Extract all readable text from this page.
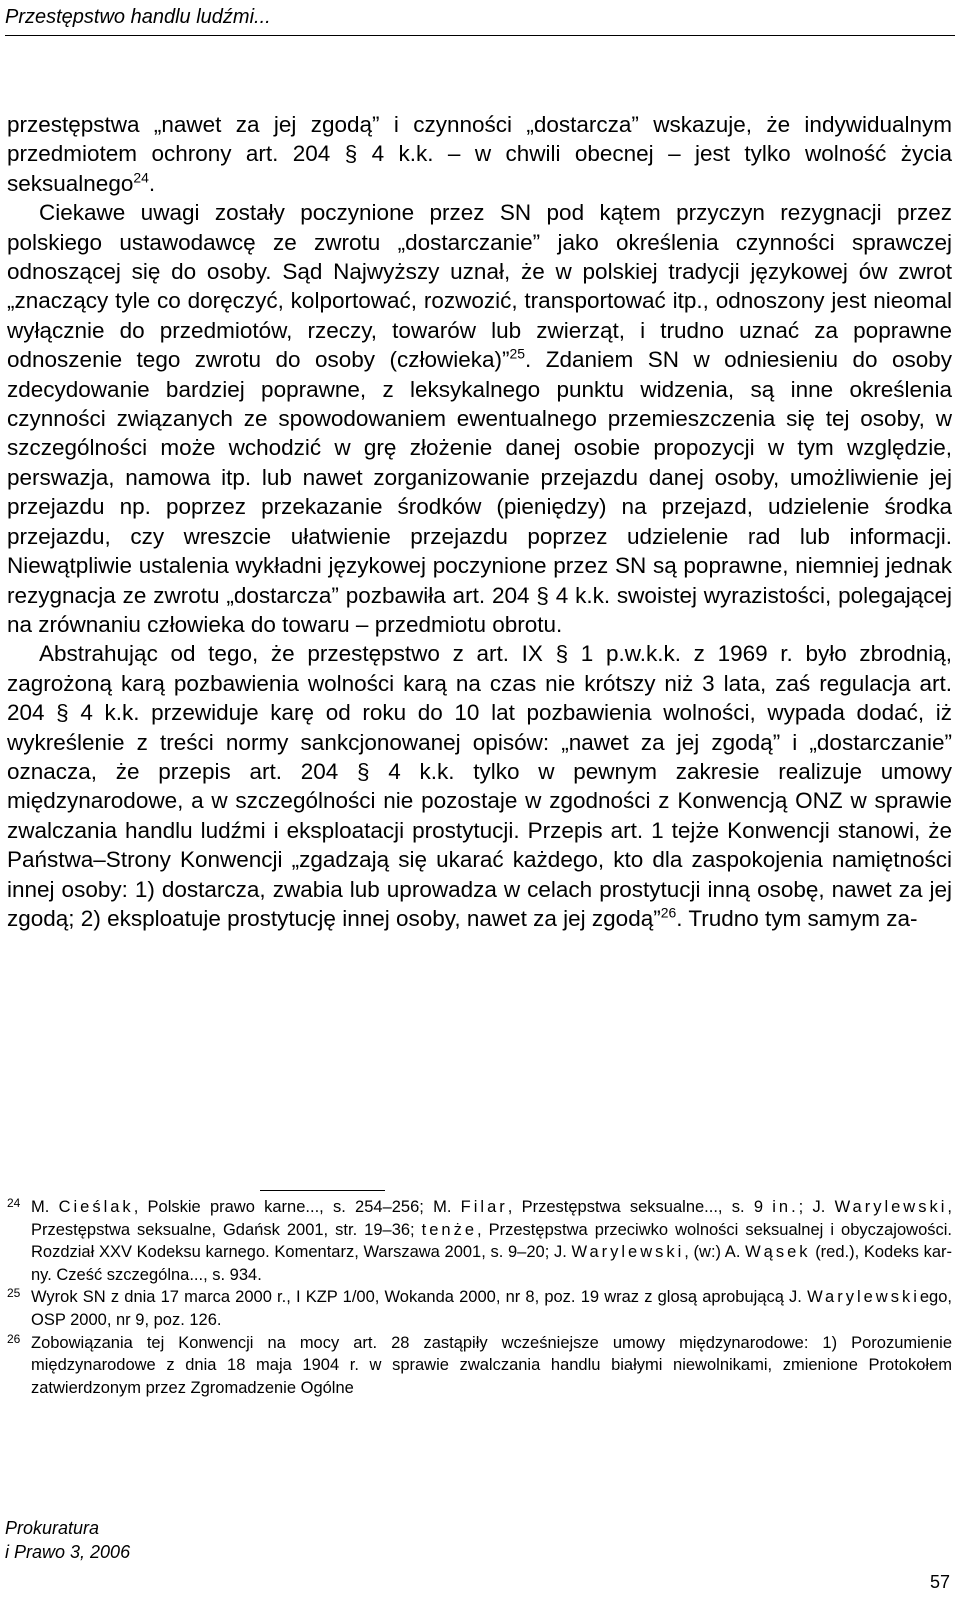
Przestępstwo handlu ludźmi...

przestępstwa „nawet za jej zgodą” i czynności „dostarcza” wskazuje, że indywidualnym przedmiotem ochrony art. 204 § 4 k.k. – w chwili obecnej – jest tylko wolność życia seksualnego$^{24}$.

Ciekawe uwagi zostały poczynione przez SN pod kątem przyczyn rezygnacji przez polskiego ustawodawcę ze zwrotu „dostarczanie” jako określenia czynności sprawczej odnoszącej się do osoby. Sąd Najwyższy uznał, że w polskiej tradycji językowej ów zwrot „znaczący tyle co doręczyć, kolportować, rozwozić, transportować itp., odnoszony jest nieomal wyłącznie do przedmiotów, rzeczy, towarów lub zwierząt, i trudno uznać za poprawne odnoszenie tego zwrotu do osoby (człowieka)”$^{25}$. Zdaniem SN w odniesieniu do osoby zdecydowanie bardziej poprawne, z leksykalnego punktu widzenia, są inne określenia czynności związanych ze spowodowaniem ewentualnego przemieszczenia się tej osoby, w szczególności może wchodzić w grę złożenie danej osobie propozycji w tym względzie, perswazja, namowa itp. lub nawet zorganizowanie przejazdu danej osoby, umożliwienie jej przejazdu np. poprzez przekazanie środków (pieniędzy) na przejazd, udzielenie środka przejazdu, czy wreszcie ułatwienie przejazdu poprzez udzielenie rad lub informacji. Niewątpliwie ustalenia wykładni językowej poczynione przez SN są poprawne, niemniej jednak rezygnacja ze zwrotu „dostarcza” pozbawiła art. 204 § 4 k.k. swoistej wyrazistości, polegającej na zrównaniu człowieka do towaru – przedmiotu obrotu.

Abstrahując od tego, że przestępstwo z art. IX § 1 p.w.k.k. z 1969 r. było zbrodnią, zagrożoną karą pozbawienia wolności karą na czas nie krótszy niż 3 lata, zaś regulacja art. 204 § 4 k.k. przewiduje karę od roku do 10 lat pozbawienia wolności, wypada dodać, iż wykreślenie z treści normy sankcjonowanej opisów: „nawet za jej zgodą” i „dostarczanie” oznacza, że przepis art. 204 § 4 k.k. tylko w pewnym zakresie realizuje umowy międzynarodowe, a w szczególności nie pozostaje w zgodności z Konwencją ONZ w sprawie zwalczania handlu ludźmi i eksploatacji prostytucji. Przepis art. 1 tejże Konwencji stanowi, że Państwa–Strony Konwencji „zgadzają się ukarać każdego, kto dla zaspokojenia namiętności innej osoby: 1) dostarcza, zwabia lub uprowadza w celach prostytucji inną osobę, nawet za jej zgodą; 2) eksploatuje prostytucję innej osoby, nawet za jej zgodą”$^{26}$. Trudno tym samym za-

24 M. Cieślak, Polskie prawo karne..., s. 254–256; M. Filar, Przestępstwa seksualne..., s. 9 in.; J. Warylewski, Przestępstwa seksualne, Gdańsk 2001, str. 19–36; tenże, Przestępstwa przeciwko wolności seksualnej i obyczajowości. Rozdział XXV Kodeksu karnego. Komentarz, Warszawa 2001, s. 9–20; J. Warylewski, (w:) A. Wąsek (red.), Kodeks karny. Cześć szczególna..., s. 934.

25 Wyrok SN z dnia 17 marca 2000 r., I KZP 1/00, Wokanda 2000, nr 8, poz. 19 wraz z glosą aprobującą J. Warylewskiego, OSP 2000, nr 9, poz. 126.

26 Zobowiązania tej Konwencji na mocy art. 28 zastąpiły wcześniejsze umowy międzynarodowe: 1) Porozumienie międzynarodowe z dnia 18 maja 1904 r. w sprawie zwalczania handlu białymi niewolnikami, zmienione Protokołem zatwierdzonym przez Zgromadzenie Ogólne

Prokuratura
i Prawo 3, 2006
57
